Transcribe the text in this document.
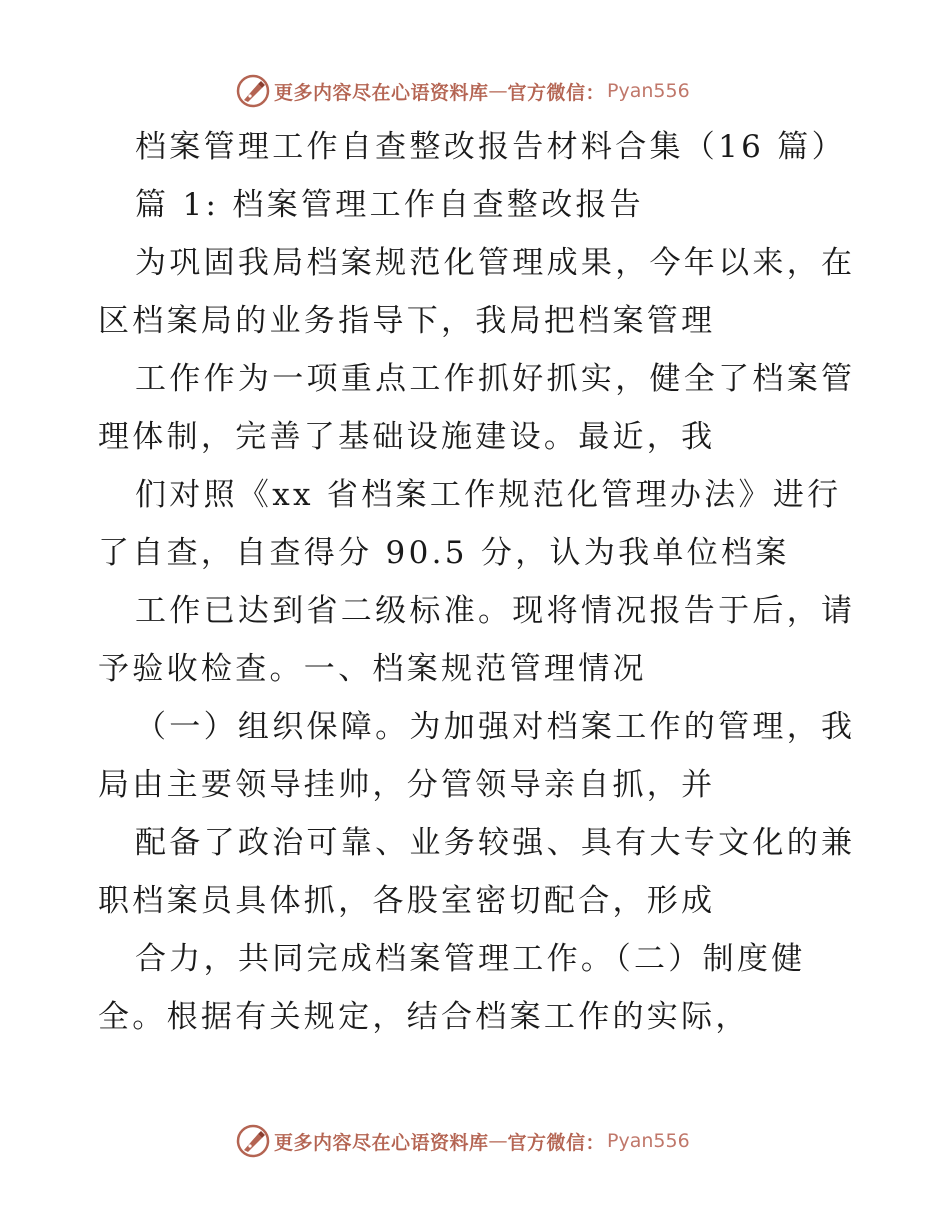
更多内容尽在心语资料库 — 官方微信： Pyan556
档案管理工作自查整改报告材料合集（16 篇）
篇 1: 档案管理工作自查整改报告
为巩固我局档案规范化管理成果，今年以来，在
区档案局的业务指导下，我局把档案管理
工作作为一项重点工作抓好抓实，健全了档案管
理体制，完善了基础设施建设。最近，我
们对照《xx 省档案工作规范化管理办法》进行
了自查，自查得分 90.5 分，认为我单位档案
工作已达到省二级标准。现将情况报告于后，请
予验收检查。一、档案规范管理情况
（一）组织保障。为加强对档案工作的管理，我
局由主要领导挂帅，分管领导亲自抓，并
配备了政治可靠、业务较强、具有大专文化的兼
职档案员具体抓，各股室密切配合，形成
合力，共同完成档案管理工作。（二）制度健
全。根据有关规定，结合档案工作的实际，
更多内容尽在心语资料库 — 官方微信： Pyan556
